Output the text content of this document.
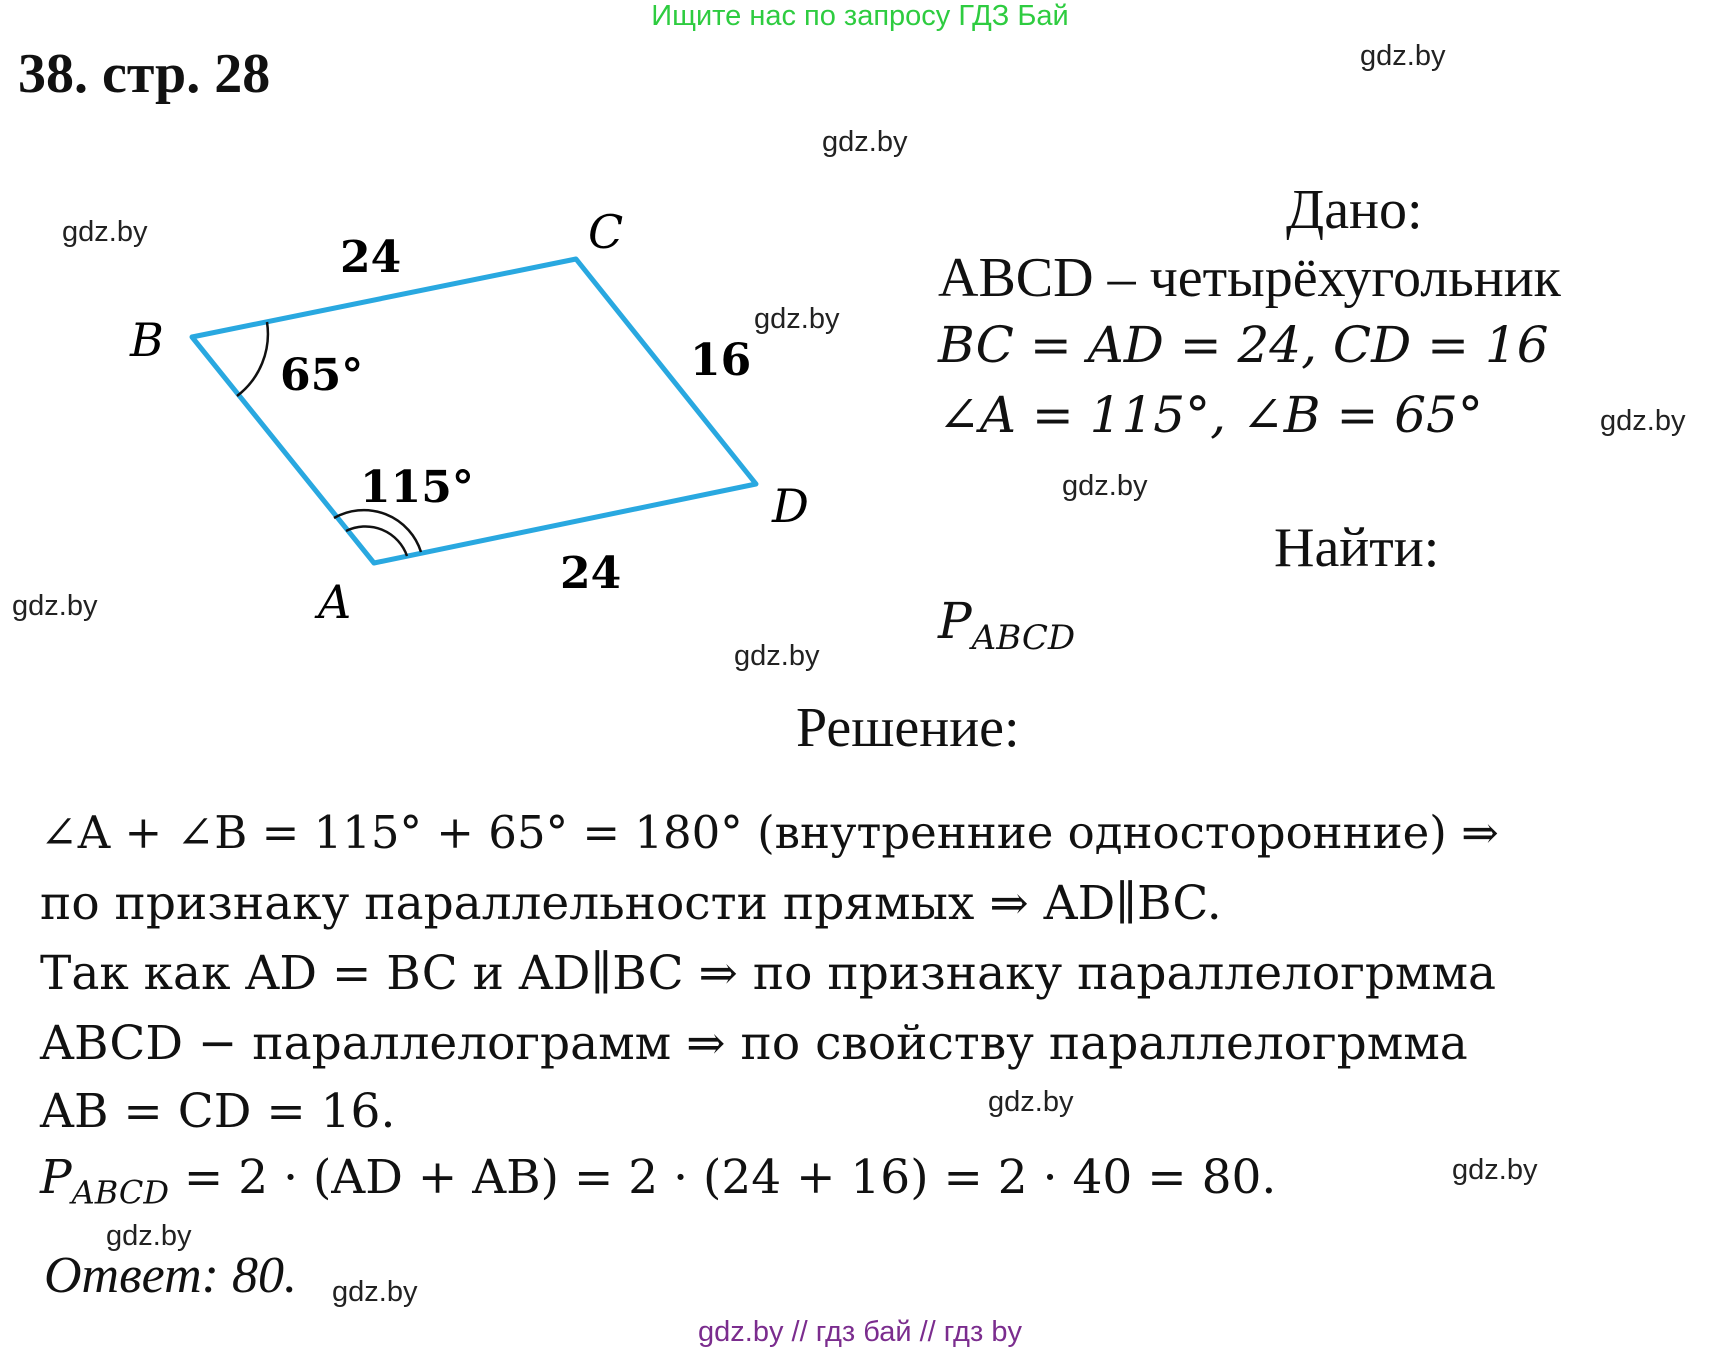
Ищите нас по запросу ГДЗ Бай
38. стр. 28	gdz.by
gdz.by
gdz.by
gdz.by
gdz.by
gdz.by
gdz.by
gdz.by
gdz.by
gdz.by
gdz.by
gdz.by
B
C
D
A
24
16
24
65°
115°
Дано:
ABCD – четырёхугольник
BC = AD = 24, CD = 16
∠A = 115°, ∠B = 65°
Найти:
$P_{ABCD}$
Решение:
∠A + ∠B = 115° + 65° = 180° (внутренние односторонние) ⇒
по признаку параллельности прямых ⇒ AD∥BC.
Так как AD = BC и AD∥BC ⇒ по признаку параллелогрмма
ABCD − параллелограмм ⇒ по свойству параллелогрмма
AB = CD = 16.
$P_{ABCD} = 2 \cdot (AD + AB) = 2 \cdot (24 + 16) = 2 \cdot 40 = 80$.
Ответ: 80.
gdz.by // гдз бай // гдз by
